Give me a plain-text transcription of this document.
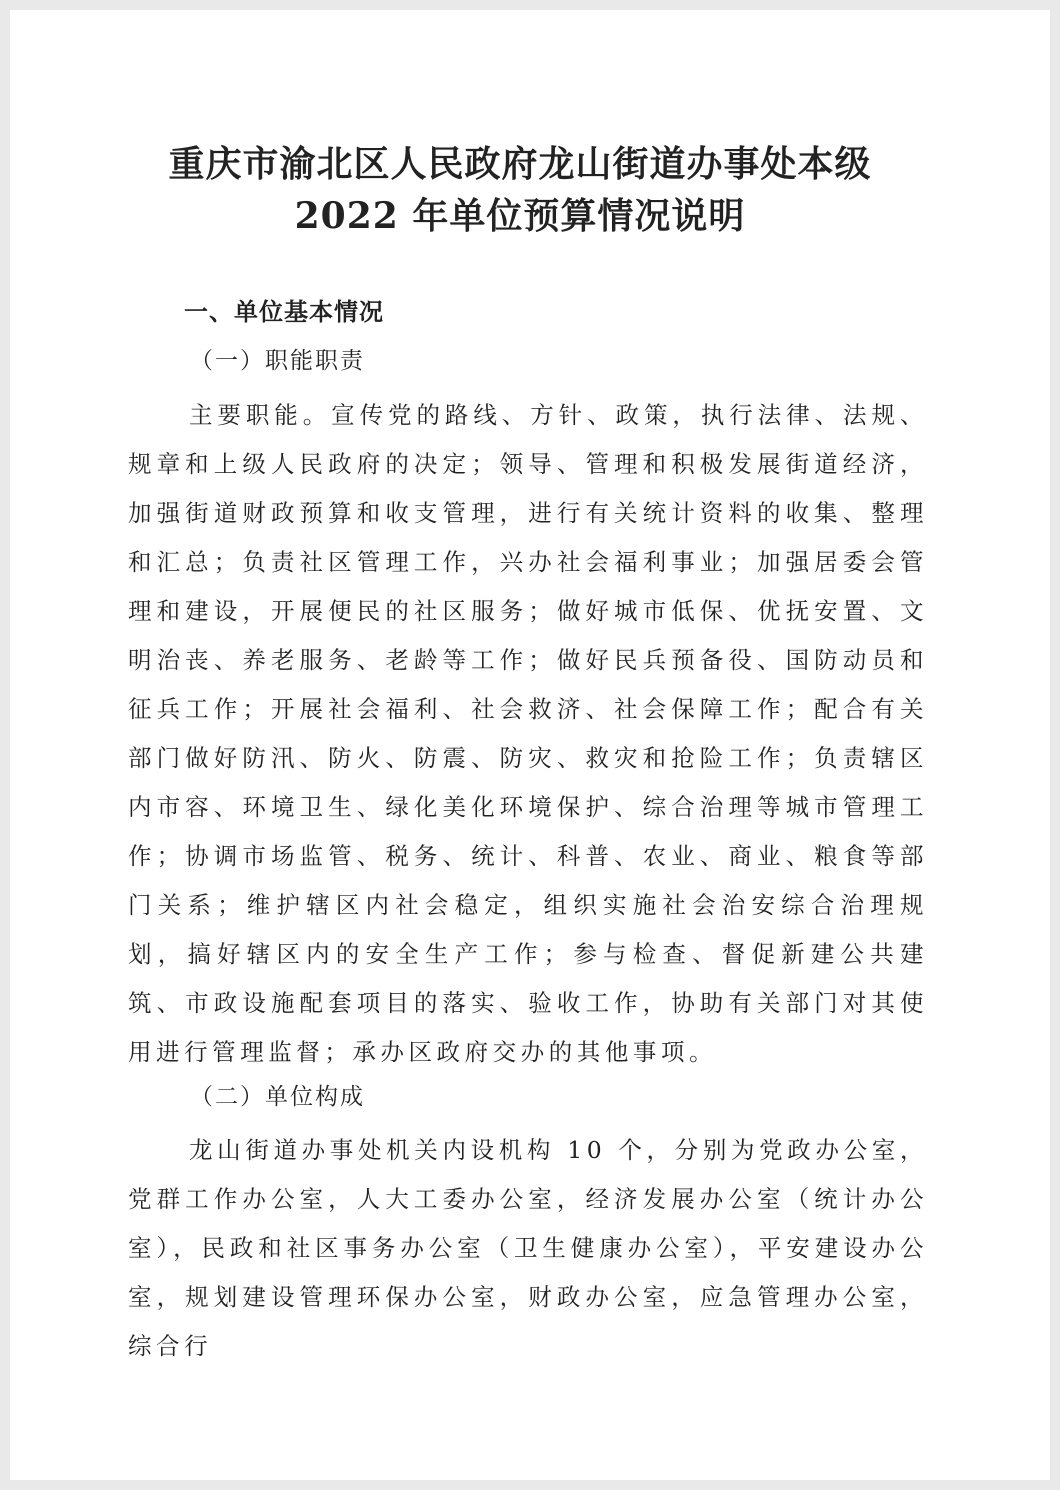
重庆市渝北区人民政府龙山街道办事处本级
2022 年单位预算情况说明
一、单位基本情况
（一）职能职责
主要职能。宣传党的路线、方针、政策，执行法律、法规、规章和上级人民政府的决定；领导、管理和积极发展街道经济，加强街道财政预算和收支管理，进行有关统计资料的收集、整理和汇总；负责社区管理工作，兴办社会福利事业；加强居委会管理和建设，开展便民的社区服务；做好城市低保、优抚安置、文明治丧、养老服务、老龄等工作；做好民兵预备役、国防动员和征兵工作；开展社会福利、社会救济、社会保障工作；配合有关部门做好防汛、防火、防震、防灾、救灾和抢险工作；负责辖区内市容、环境卫生、绿化美化环境保护、综合治理等城市管理工作；协调市场监管、税务、统计、科普、农业、商业、粮食等部门关系；维护辖区内社会稳定，组织实施社会治安综合治理规划，搞好辖区内的安全生产工作；参与检查、督促新建公共建筑、市政设施配套项目的落实、验收工作，协助有关部门对其使用进行管理监督；承办区政府交办的其他事项。
（二）单位构成
龙山街道办事处机关内设机构 10 个，分别为党政办公室，党群工作办公室，人大工委办公室，经济发展办公室（统计办公室），民政和社区事务办公室（卫生健康办公室），平安建设办公室，规划建设管理环保办公室，财政办公室，应急管理办公室，综合行
